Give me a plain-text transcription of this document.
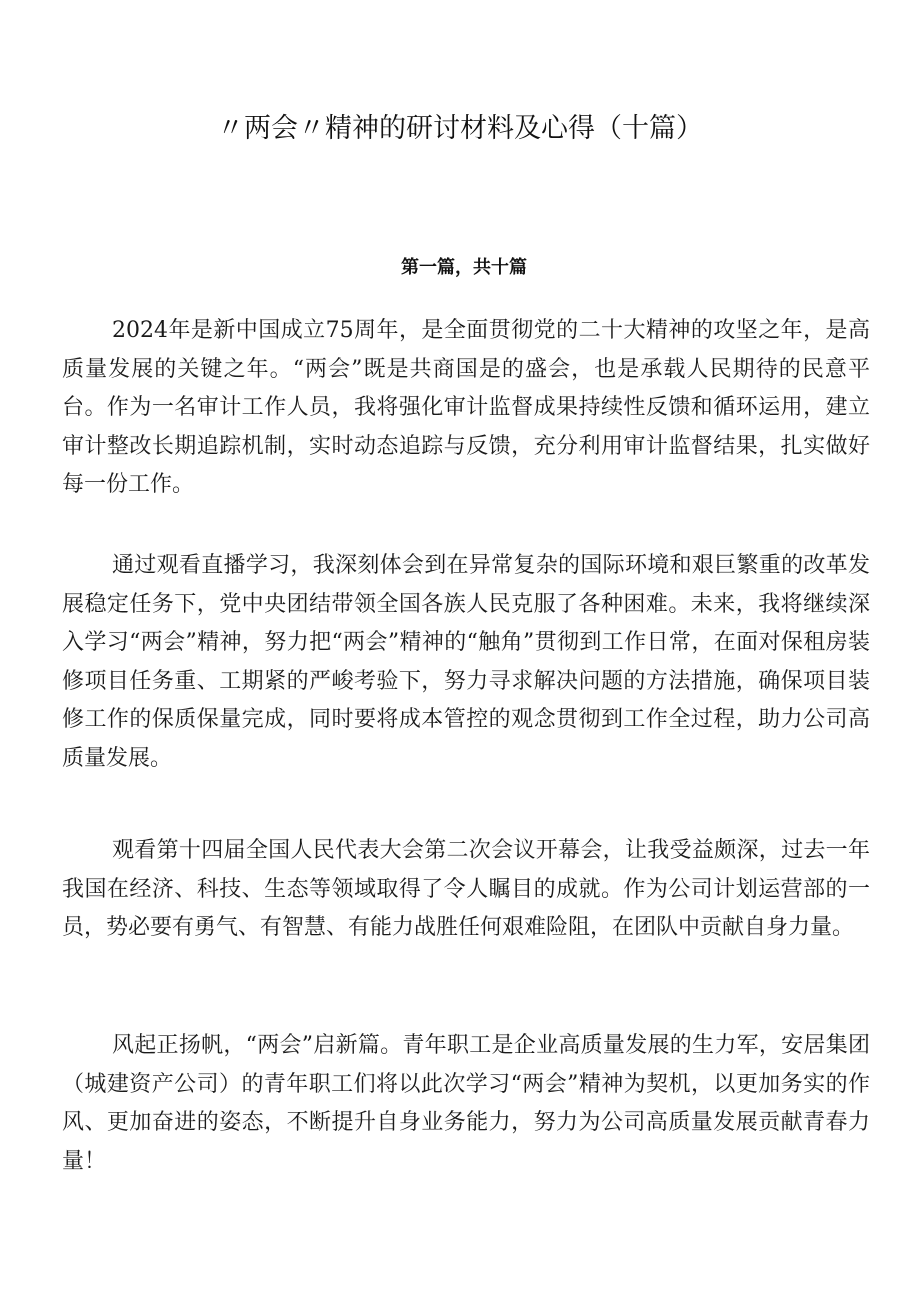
〃两会〃精神的研讨材料及心得（十篇）
第一篇，共十篇

2024年是新中国成立75周年，是全面贯彻党的二十大精神的攻坚之年，是高质量发展的关键之年。“两会”既是共商国是的盛会，也是承载人民期待的民意平台。作为一名审计工作人员，我将强化审计监督成果持续性反馈和循环运用，建立审计整改长期追踪机制，实时动态追踪与反馈，充分利用审计监督结果，扎实做好每一份工作。

通过观看直播学习，我深刻体会到在异常复杂的国际环境和艰巨繁重的改革发展稳定任务下，党中央团结带领全国各族人民克服了各种困难。未来，我将继续深入学习“两会”精神，努力把“两会”精神的“触角”贯彻到工作日常，在面对保租房装修项目任务重、工期紧的严峻考验下，努力寻求解决问题的方法措施，确保项目装修工作的保质保量完成，同时要将成本管控的观念贯彻到工作全过程，助力公司高质量发展。

观看第十四届全国人民代表大会第二次会议开幕会，让我受益颇深，过去一年我国在经济、科技、生态等领域取得了令人瞩目的成就。作为公司计划运营部的一员，势必要有勇气、有智慧、有能力战胜任何艰难险阻，在团队中贡献自身力量。

风起正扬帆，“两会”启新篇。青年职工是企业高质量发展的生力军，安居集团（城建资产公司）的青年职工们将以此次学习“两会”精神为契机，以更加务实的作风、更加奋进的姿态，不断提升自身业务能力，努力为公司高质量发展贡献青春力量！
